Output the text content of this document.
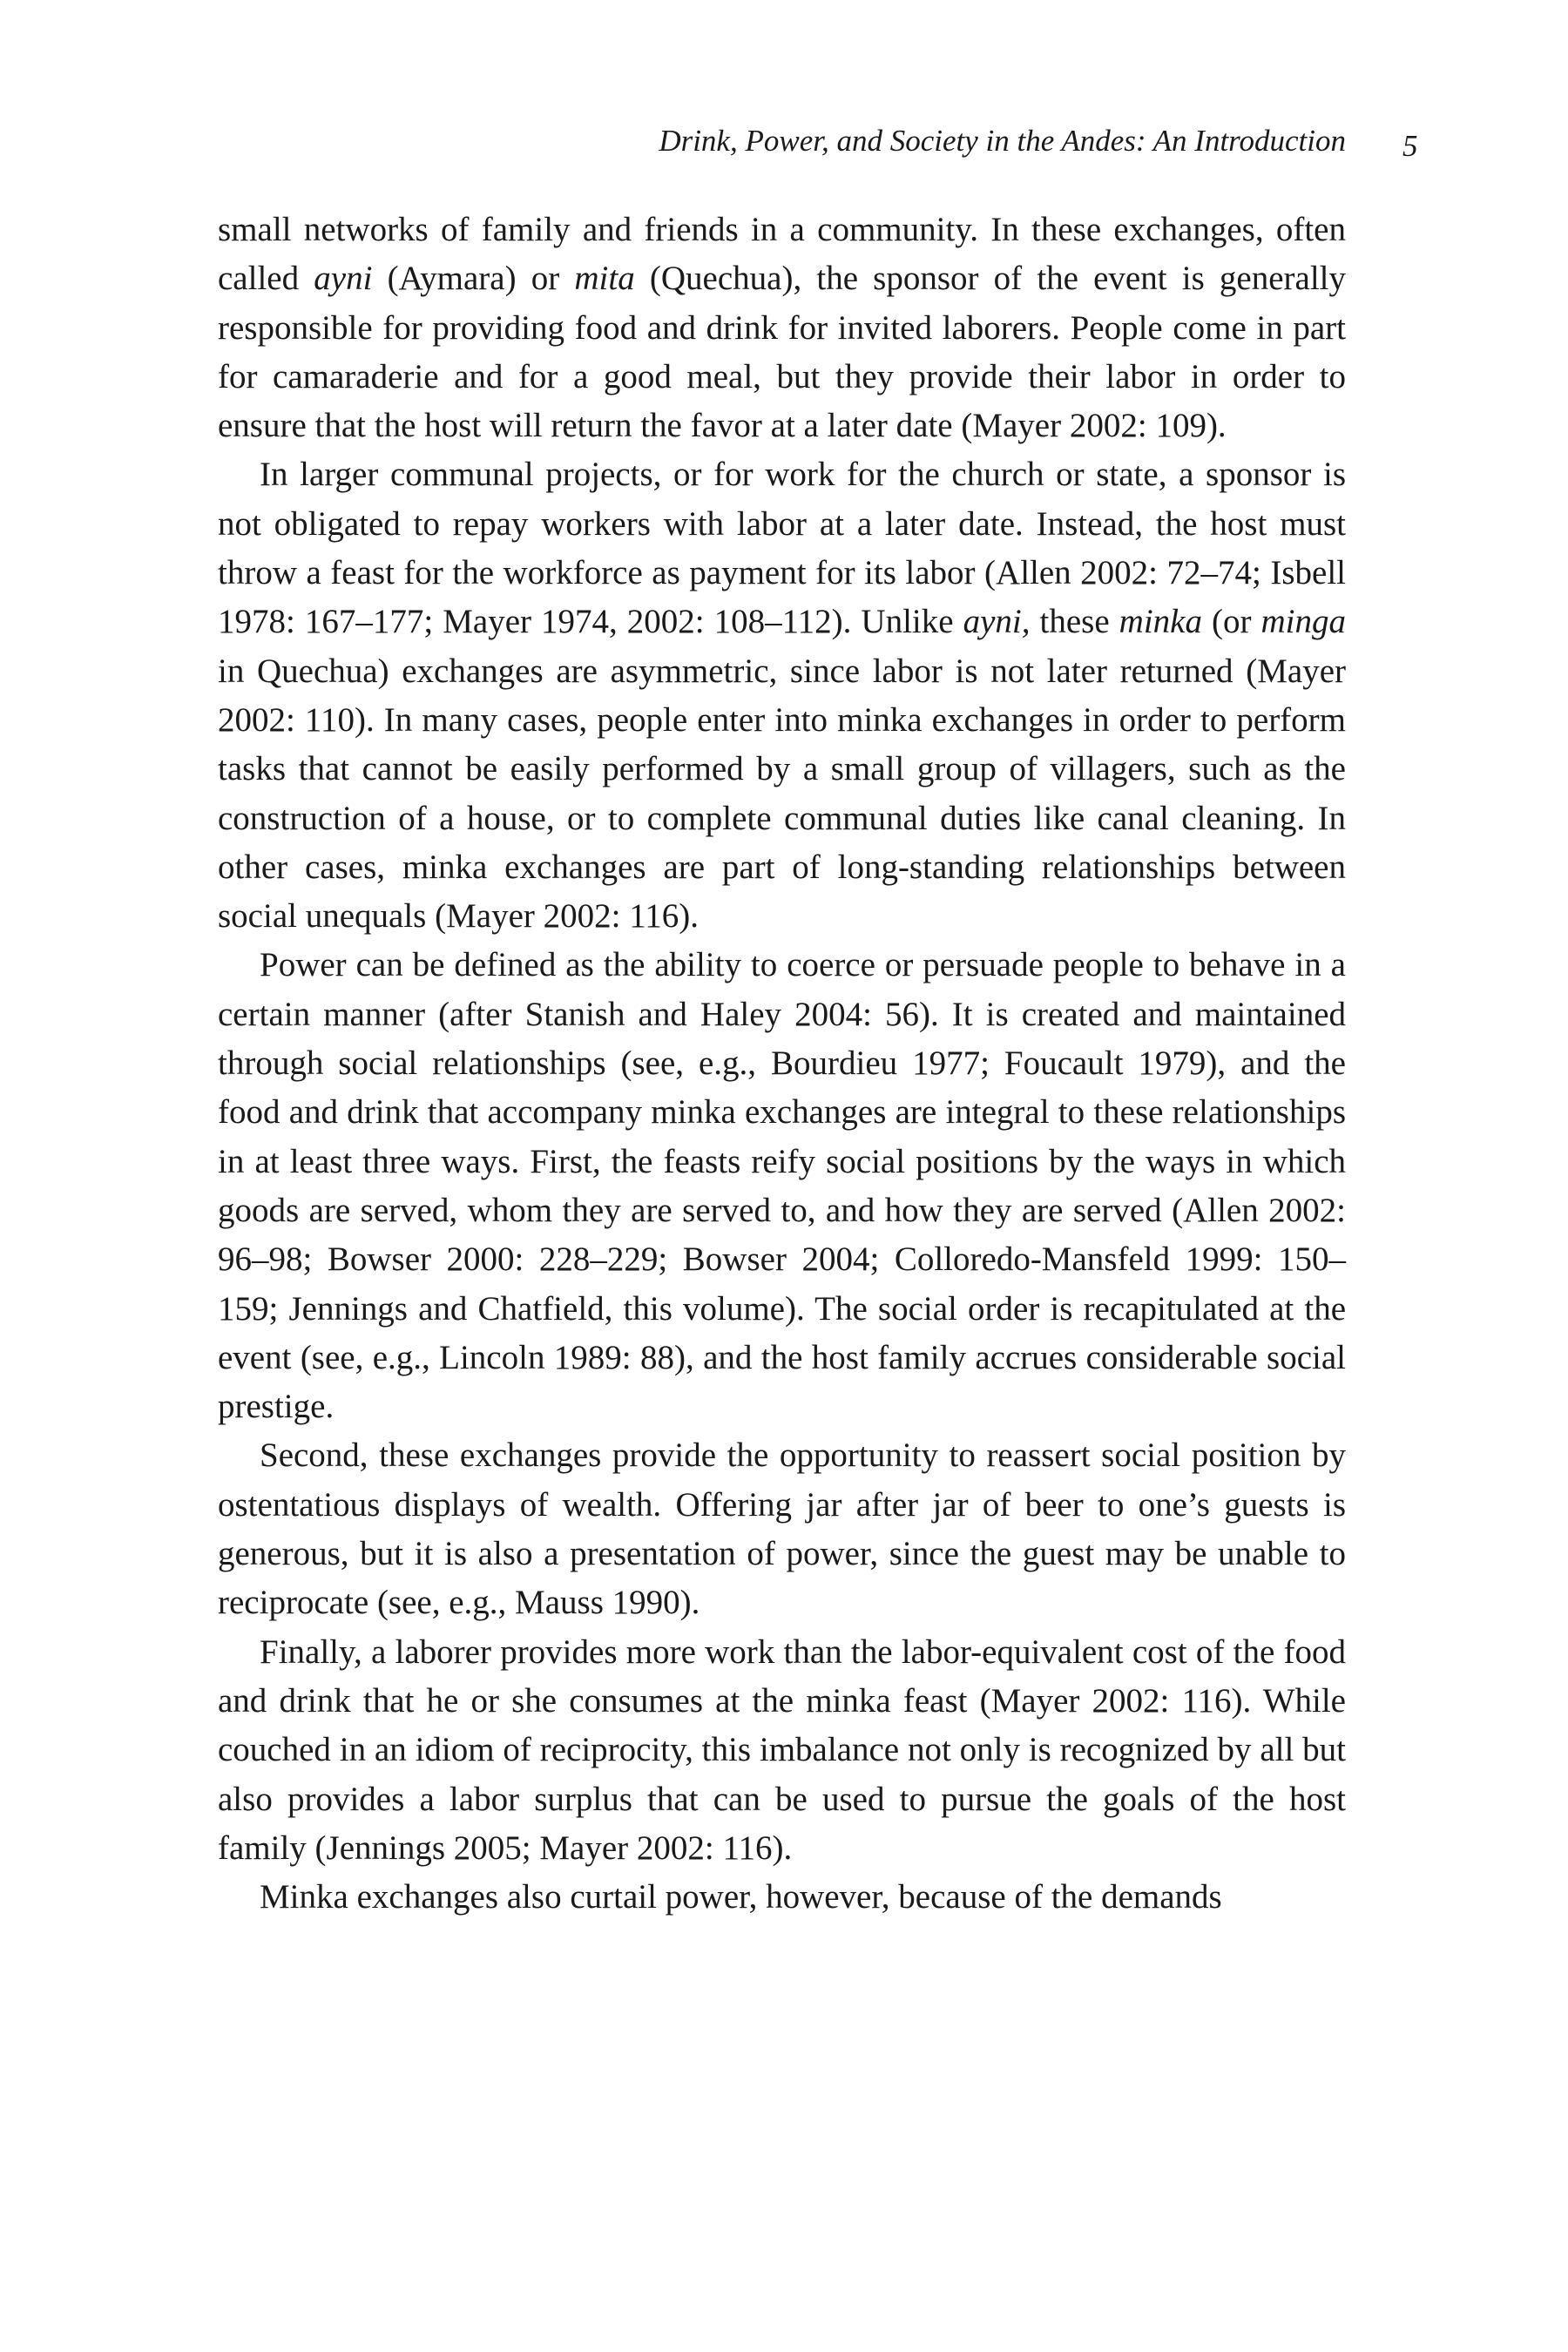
Drink, Power, and Society in the Andes: An Introduction 5

small networks of family and friends in a community. In these exchanges, often called ayni (Aymara) or mita (Quechua), the sponsor of the event is generally responsible for providing food and drink for invited laborers. People come in part for camaraderie and for a good meal, but they provide their labor in order to ensure that the host will return the favor at a later date (Mayer 2002: 109).

In larger communal projects, or for work for the church or state, a sponsor is not obligated to repay workers with labor at a later date. Instead, the host must throw a feast for the workforce as payment for its labor (Allen 2002: 72–74; Isbell 1978: 167–177; Mayer 1974, 2002: 108–112). Unlike ayni, these minka (or minga in Quechua) exchanges are asymmetric, since labor is not later returned (Mayer 2002: 110). In many cases, people enter into minka exchanges in order to perform tasks that cannot be easily performed by a small group of villagers, such as the construction of a house, or to complete communal duties like canal cleaning. In other cases, minka exchanges are part of long-standing relationships between social unequals (Mayer 2002: 116).

Power can be defined as the ability to coerce or persuade people to behave in a certain manner (after Stanish and Haley 2004: 56). It is created and maintained through social relationships (see, e.g., Bourdieu 1977; Foucault 1979), and the food and drink that accompany minka exchanges are integral to these relationships in at least three ways. First, the feasts reify social positions by the ways in which goods are served, whom they are served to, and how they are served (Allen 2002: 96–98; Bowser 2000: 228–229; Bowser 2004; Colloredo-Mansfeld 1999: 150–159; Jennings and Chatfield, this volume). The social order is recapitulated at the event (see, e.g., Lincoln 1989: 88), and the host family accrues considerable social prestige.

Second, these exchanges provide the opportunity to reassert social position by ostentatious displays of wealth. Offering jar after jar of beer to one’s guests is generous, but it is also a presentation of power, since the guest may be unable to reciprocate (see, e.g., Mauss 1990).

Finally, a laborer provides more work than the labor-equivalent cost of the food and drink that he or she consumes at the minka feast (Mayer 2002: 116). While couched in an idiom of reciprocity, this imbalance not only is recognized by all but also provides a labor surplus that can be used to pursue the goals of the host family (Jennings 2005; Mayer 2002: 116).

Minka exchanges also curtail power, however, because of the demands
